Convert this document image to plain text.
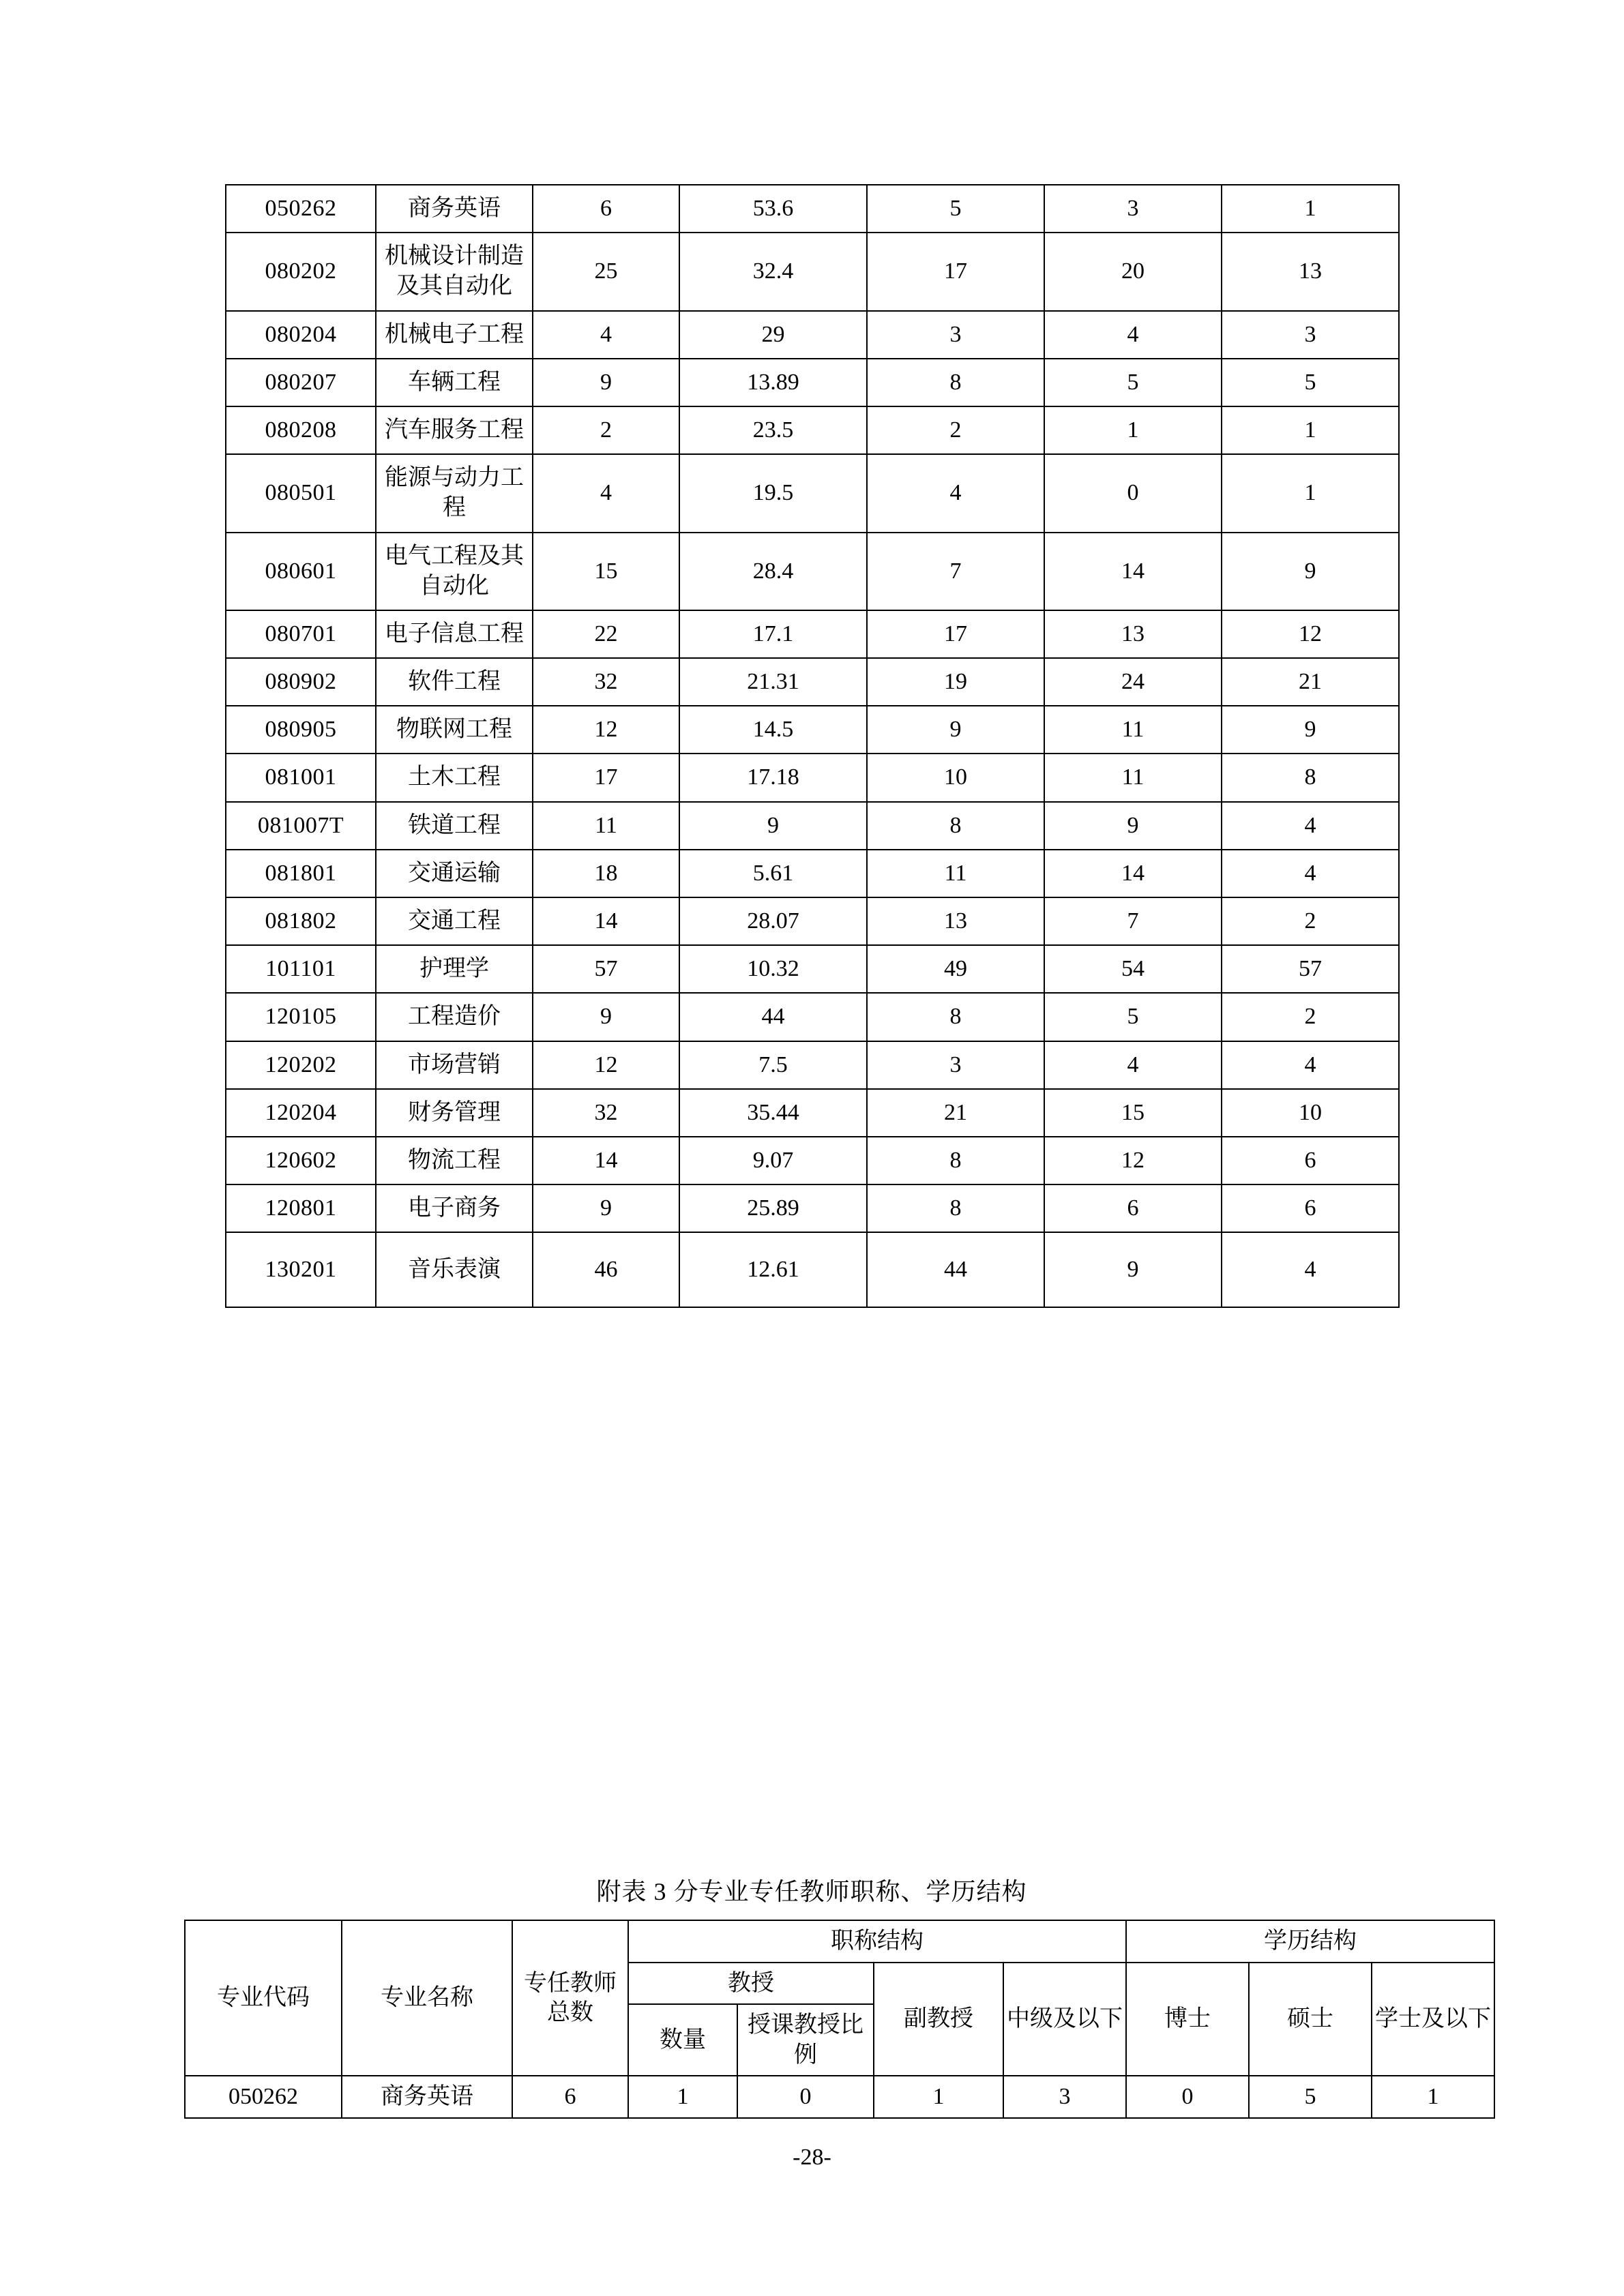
050262	商务英语	6	53.6	5	3	1
080202	机械设计制造及其自动化	25	32.4	17	20	13
080204	机械电子工程	4	29	3	4	3
080207	车辆工程	9	13.89	8	5	5
080208	汽车服务工程	2	23.5	2	1	1
080501	能源与动力工程	4	19.5	4	0	1
080601	电气工程及其自动化	15	28.4	7	14	9
080701	电子信息工程	22	17.1	17	13	12
080902	软件工程	32	21.31	19	24	21
080905	物联网工程	12	14.5	9	11	9
081001	土木工程	17	17.18	10	11	8
081007T	铁道工程	11	9	8	9	4
081801	交通运输	18	5.61	11	14	4
081802	交通工程	14	28.07	13	7	2
101101	护理学	57	10.32	49	54	57
120105	工程造价	9	44	8	5	2
120202	市场营销	12	7.5	3	4	4
120204	财务管理	32	35.44	21	15	10
120602	物流工程	14	9.07	8	12	6
120801	电子商务	9	25.89	8	6	6
130201	音乐表演	46	12.61	44	9	4
附表 3 分专业专任教师职称、学历结构
专业代码	专业名称	专任教师总数	职称结构				学历结构		
			教授		副教授	中级及以下	博士	硕士	学士及以下
			数量	授课教授比例					
050262	商务英语	6	1	0	1	3	0	5	1
-28-
